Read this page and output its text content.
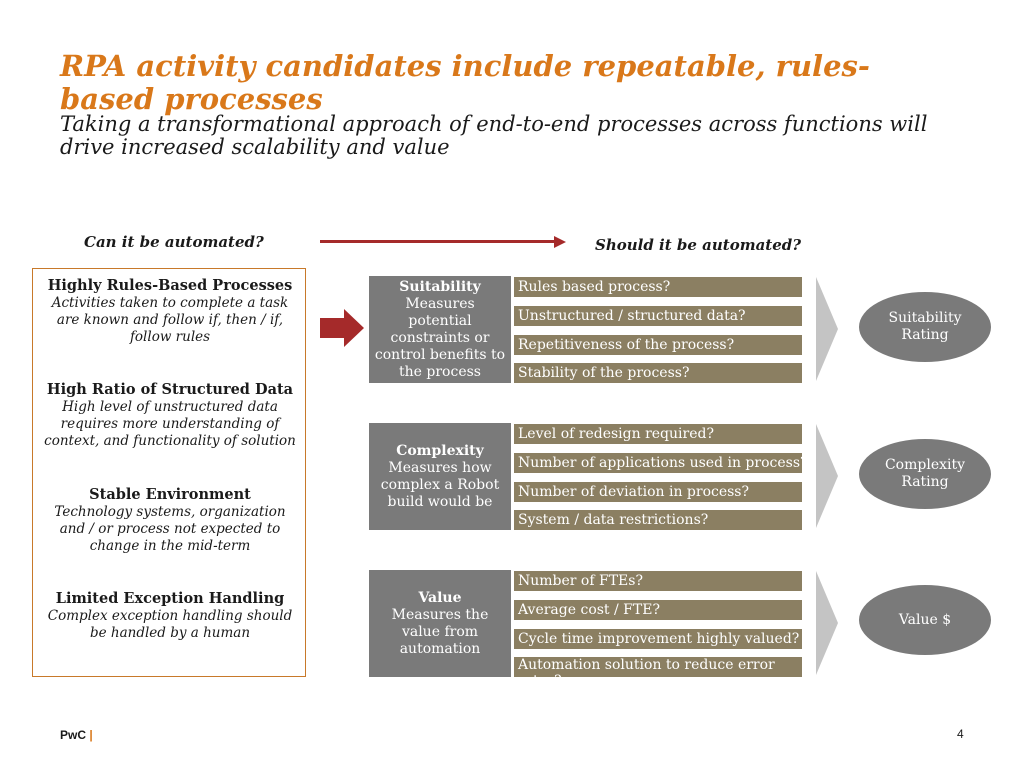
RPA activity candidates include repeatable, rules-based processes
Taking a transformational approach of end-to-end processes across functions will drive increased scalability and value
Can it be automated?	Should it be automated?
Highly Rules-Based Processes
Activities taken to complete a task are known and follow if, then / if, follow rules
High Ratio of Structured Data
High level of unstructured data requires more understanding of context, and functionality of solution
Stable Environment
Technology systems, organization and / or process not expected to change in the mid-term
Limited Exception Handling
Complex exception handling should be handled by a human
Suitability
Measures potential constraints or control benefits to the process
Rules based process?
Unstructured / structured data?
Repetitiveness of the process?
Stability of the process?
Suitability
Rating
Complexity
Measures how complex a Robot build would be
Level of redesign required?
Number of applications used in process?
Number of deviation in process?
System / data restrictions?
Complexity
Rating
Value
Measures the value from automation
Number of FTEs?
Average cost / FTE?
Cycle time improvement highly valued?
Automation solution to reduce error rates?
Value $
PwC |	4
